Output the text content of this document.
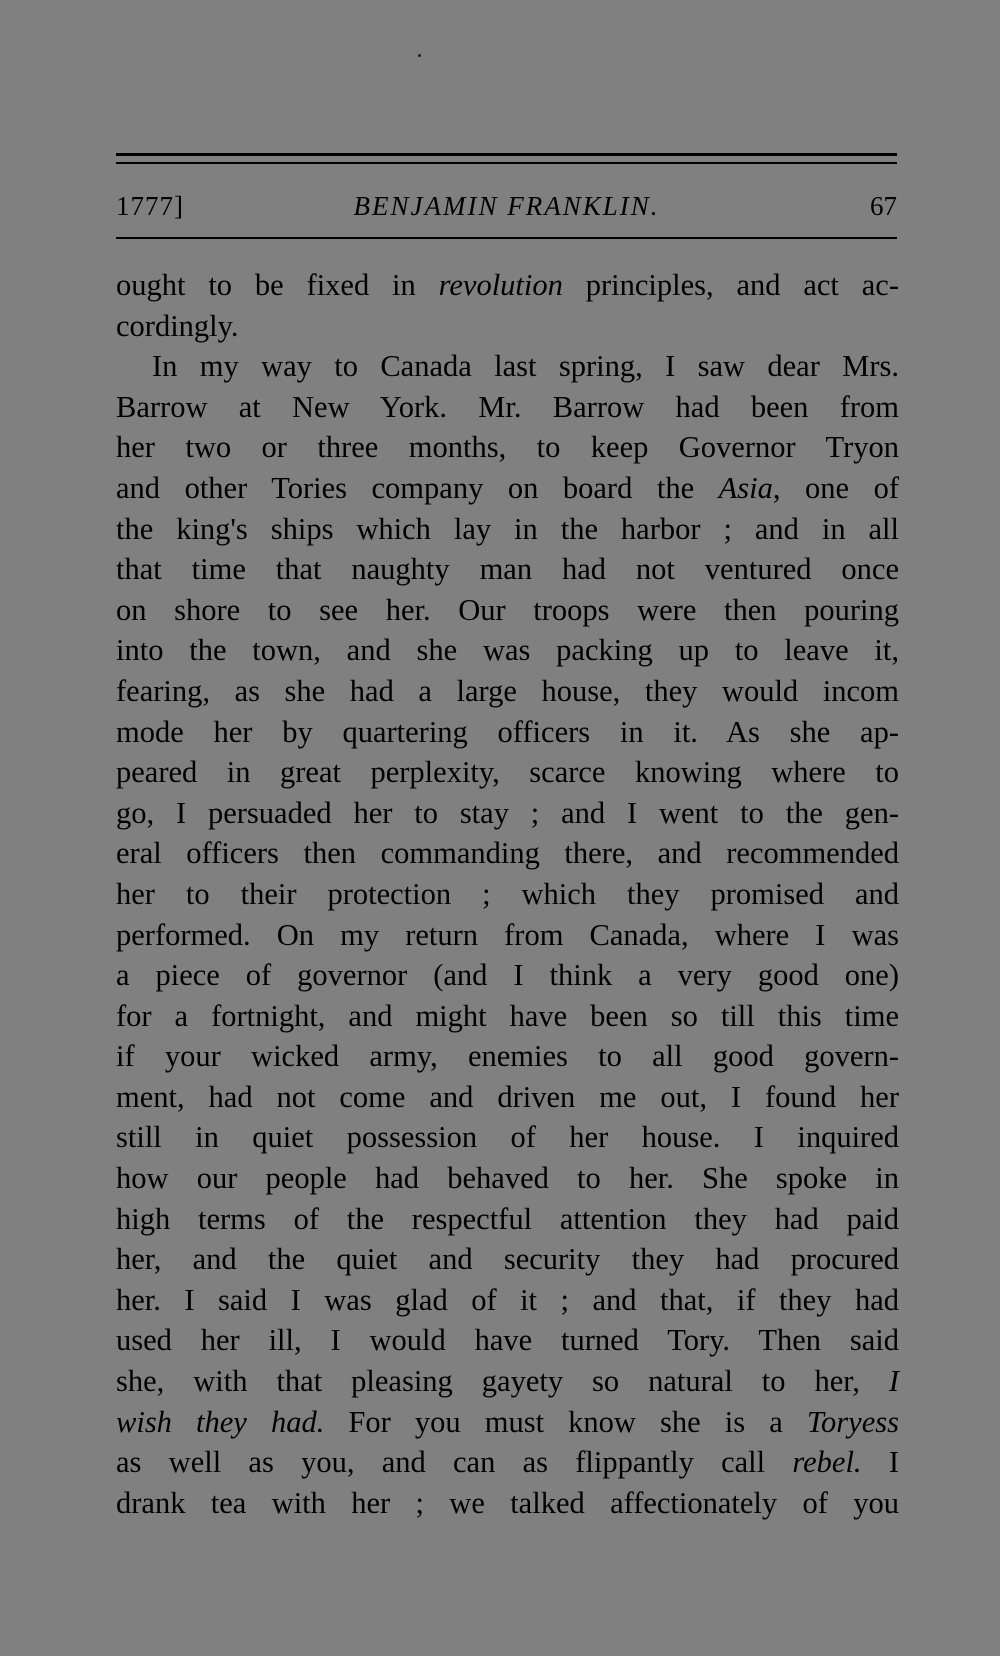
1777]	BENJAMIN FRANKLIN.	67
ought to be fixed in revolution principles, and act ac-
cordingly.
In my way to Canada last spring, I saw dear Mrs.
Barrow at New York. Mr. Barrow had been from
her two or three months, to keep Governor Tryon
and other Tories company on board the Asia, one of
the king's ships which lay in the harbor ; and in all
that time that naughty man had not ventured once
on shore to see her. Our troops were then pouring
into the town, and she was packing up to leave it,
fearing, as she had a large house, they would incom
mode her by quartering officers in it. As she ap-
peared in great perplexity, scarce knowing where to
go, I persuaded her to stay ; and I went to the gen-
eral officers then commanding there, and recommended
her to their protection ; which they promised and
performed. On my return from Canada, where I was
a piece of governor (and I think a very good one)
for a fortnight, and might have been so till this time
if your wicked army, enemies to all good govern-
ment, had not come and driven me out, I found her
still in quiet possession of her house. I inquired
how our people had behaved to her. She spoke in
high terms of the respectful attention they had paid
her, and the quiet and security they had procured
her. I said I was glad of it ; and that, if they had
used her ill, I would have turned Tory. Then said
she, with that pleasing gayety so natural to her, I
wish they had. For you must know she is a Toryess
as well as you, and can as flippantly call rebel. I
drank tea with her ; we talked affectionately of you
